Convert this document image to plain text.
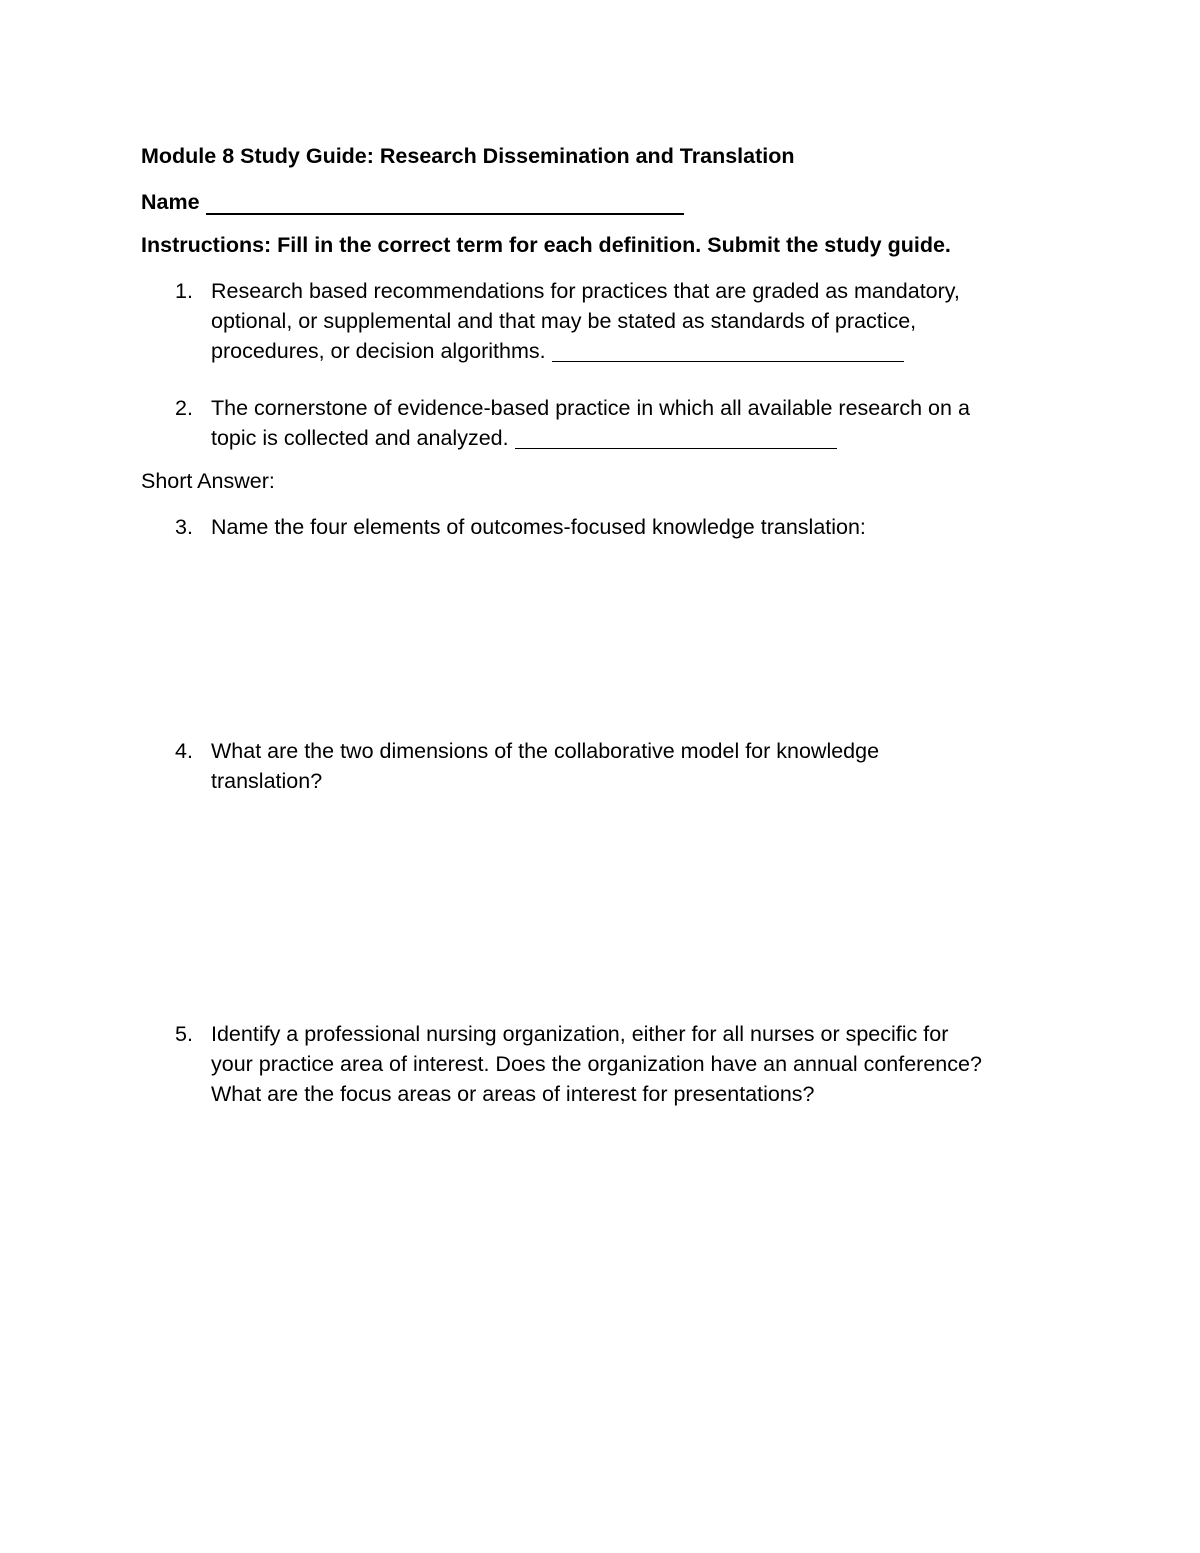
Module 8 Study Guide: Research Dissemination and Translation
Name
Instructions: Fill in the correct term for each definition. Submit the study guide.
1. Research based recommendations for practices that are graded as mandatory,
optional, or supplemental and that may be stated as standards of practice,
procedures, or decision algorithms.
2. The cornerstone of evidence-based practice in which all available research on a
topic is collected and analyzed.
Short Answer:
3. Name the four elements of outcomes-focused knowledge translation:
4. What are the two dimensions of the collaborative model for knowledge
translation?
5. Identify a professional nursing organization, either for all nurses or specific for
your practice area of interest. Does the organization have an annual conference?
What are the focus areas or areas of interest for presentations?
